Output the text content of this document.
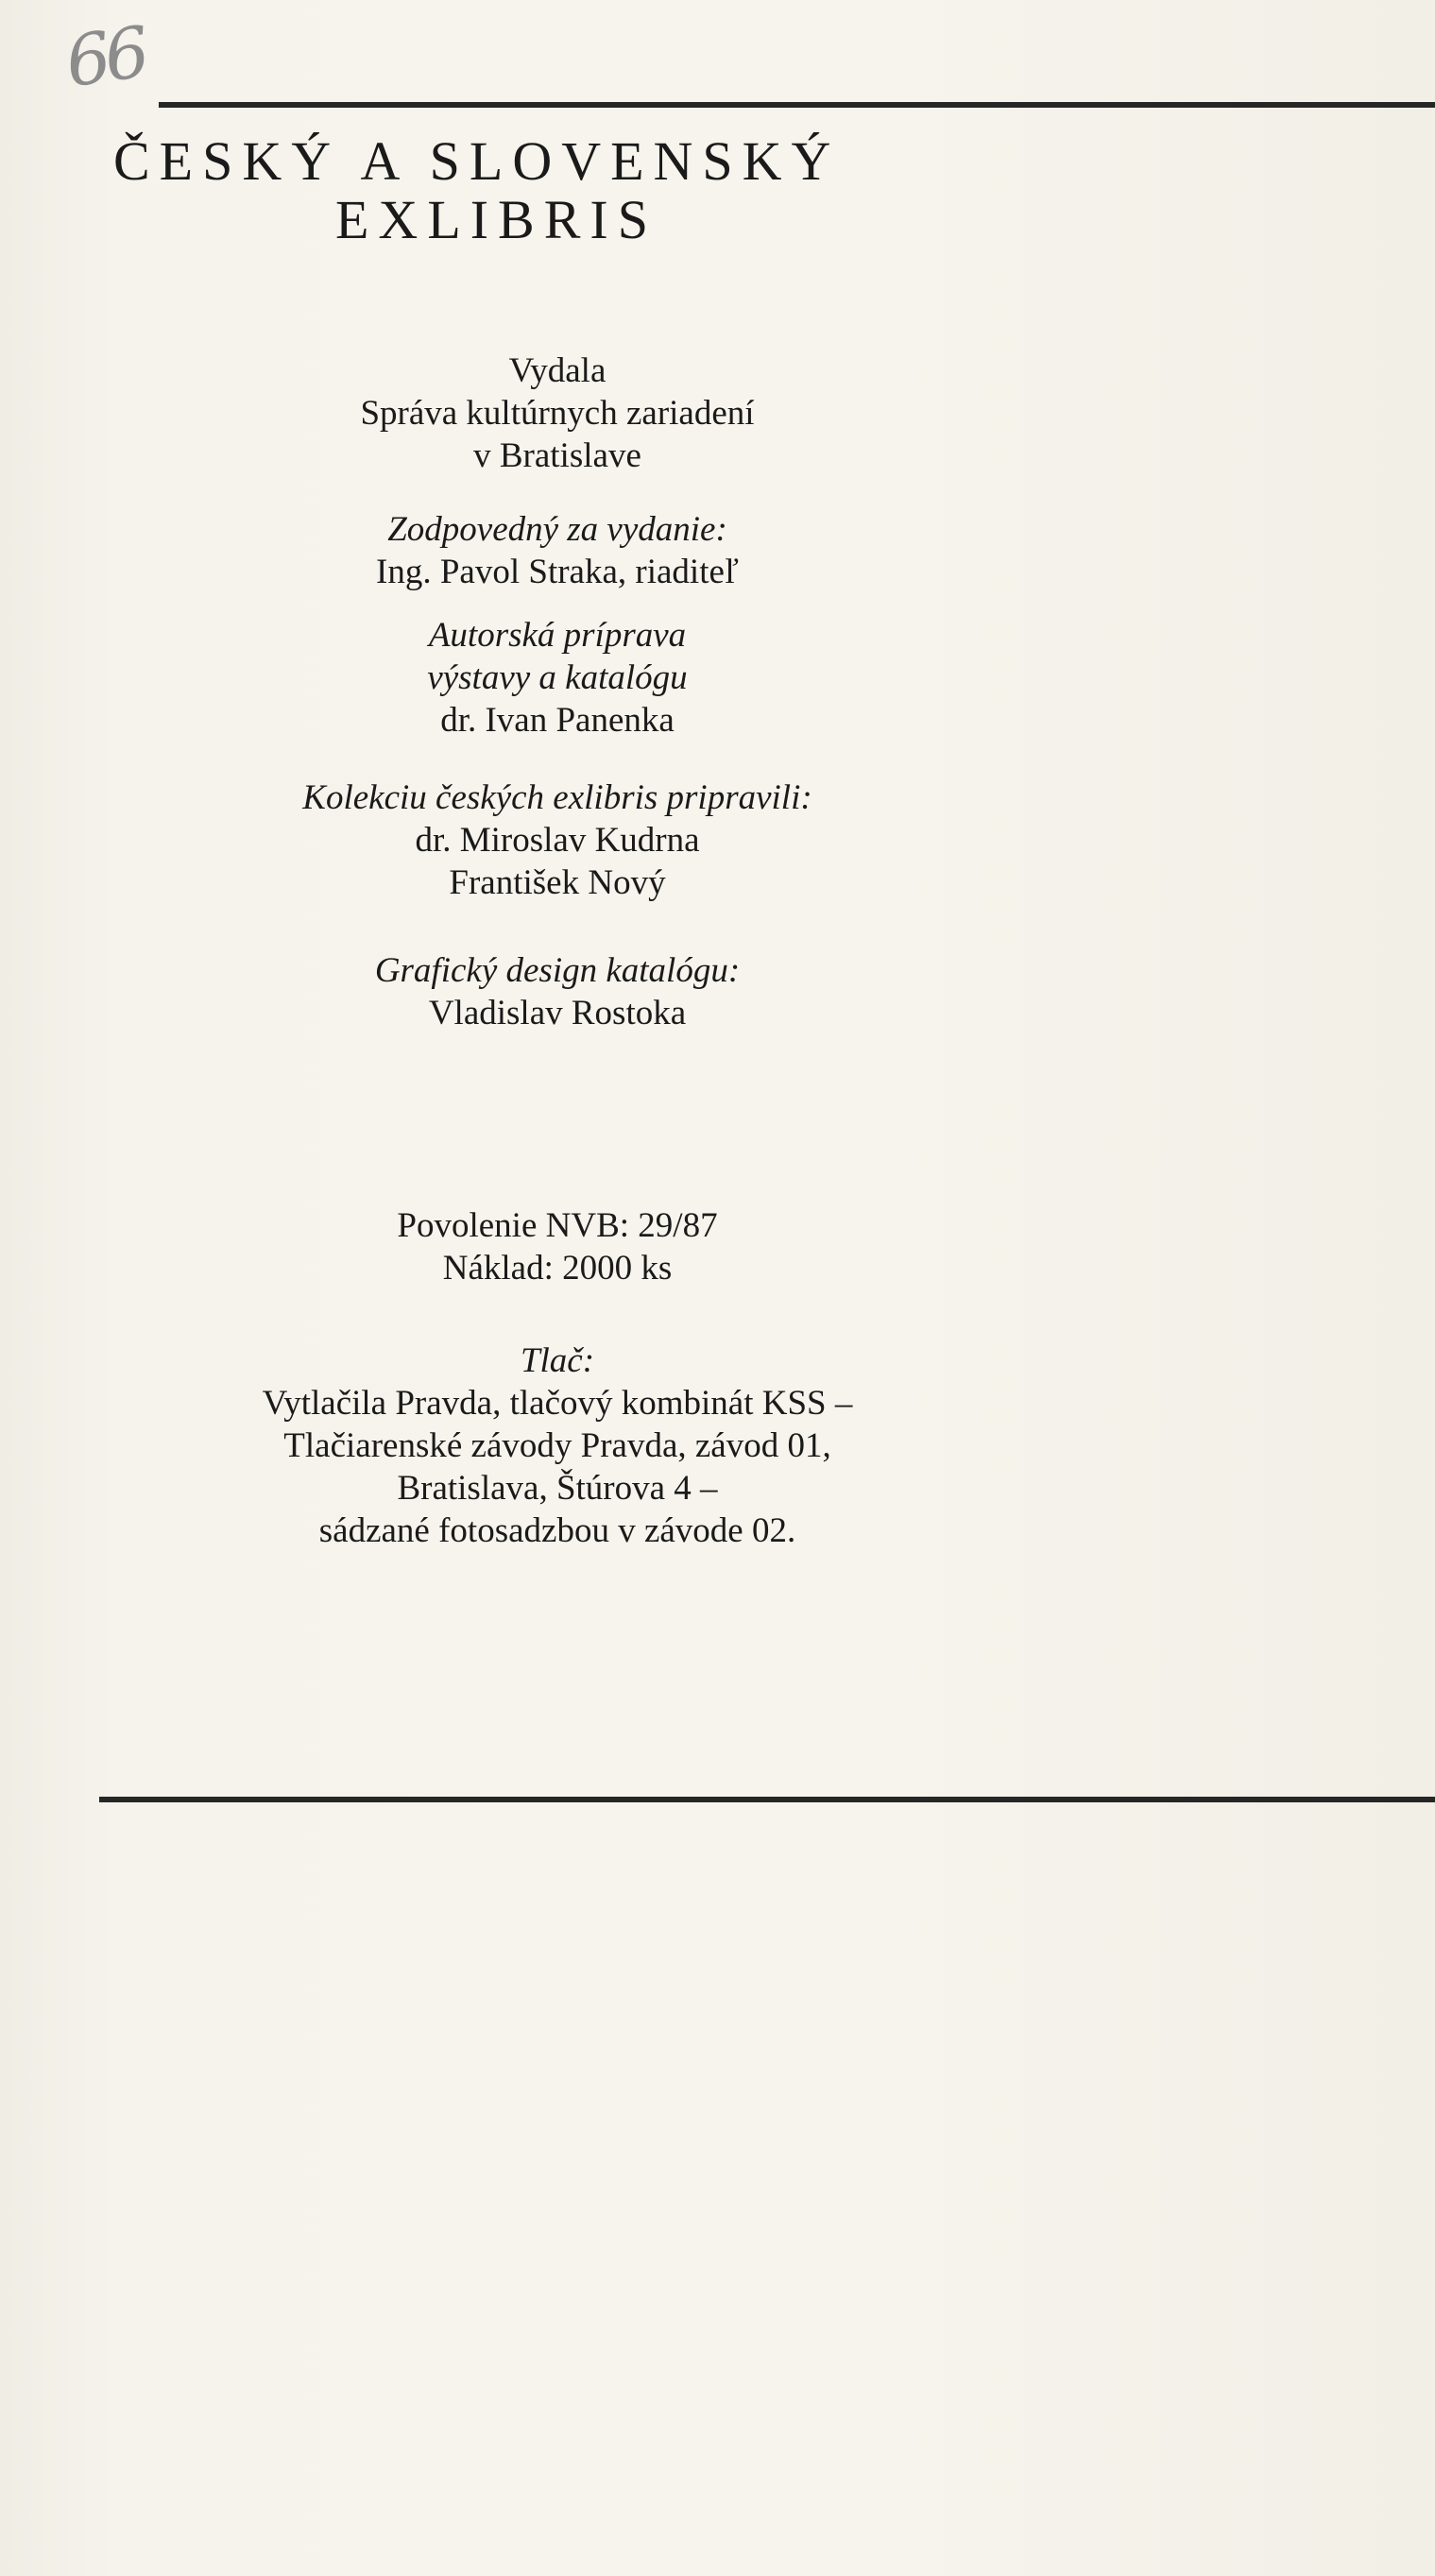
66
ČESKÝ A SLOVENSKÝ
EXLIBRIS
Vydala
Správa kultúrnych zariadení
v Bratislave
Zodpovedný za vydanie:
Ing. Pavol Straka, riaditeľ
Autorská príprava
výstavy a katalógu
dr. Ivan Panenka
Kolekciu českých exlibris pripravili:
dr. Miroslav Kudrna
František Nový
Grafický design katalógu:
Vladislav Rostoka
Povolenie NVB: 29/87
Náklad: 2000 ks
Tlač:
Vytlačila Pravda, tlačový kombinát KSS –
Tlačiarenské závody Pravda, závod 01,
Bratislava, Štúrova 4 –
sádzané fotosadzbou v závode 02.
